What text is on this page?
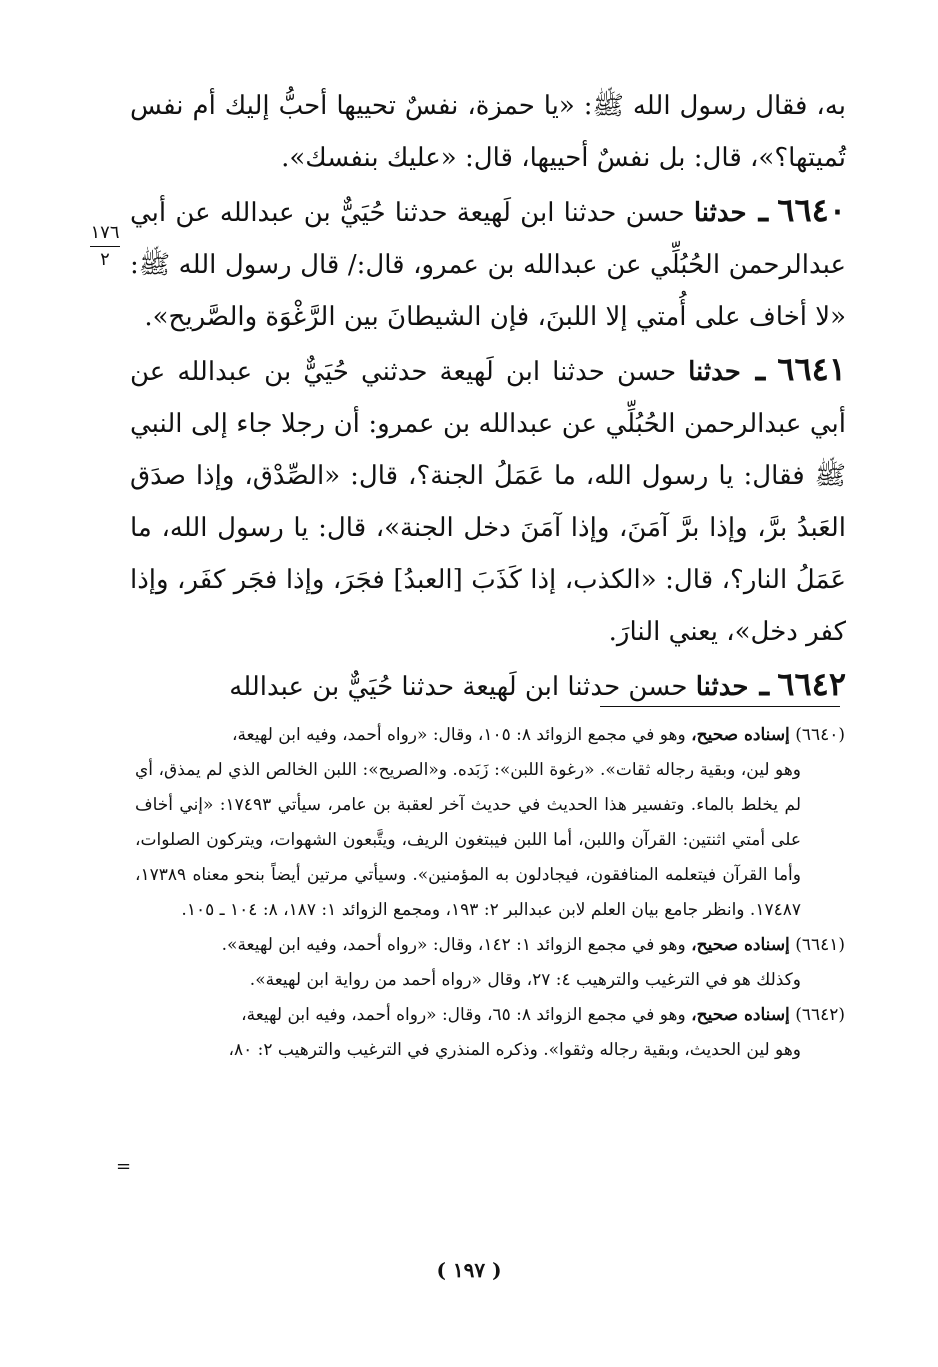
١٧٦
٢

به، فقال رسول الله ﷺ: «يا حمزة، نفسٌ تحييها أحبُّ إليك أم نفس تُميتها؟»، قال: بل نفسٌ أحييها، قال: «عليك بنفسك».

٦٦٤٠ ـ حدثنا حسن حدثنا ابن لَهيعة حدثنا حُيَيٌّ بن عبدالله عن أبي عبدالرحمن الحُبُلِّي عن عبدالله بن عمرو، قال:/ قال رسول الله ﷺ: «لا أخاف على أُمتي إلا اللبنَ، فإن الشيطانَ بين الرَّغْوَة والصَّريح».

٦٦٤١ ـ حدثنا حسن حدثنا ابن لَهيعة حدثني حُيَيٌّ بن عبدالله عن أبي عبدالرحمن الحُبُلِّي عن عبدالله بن عمرو: أن رجلا جاء إلى النبي ﷺ فقال: يا رسول الله، ما عَمَلُ الجنة؟، قال: «الصِّدْق، وإذا صدَق العَبدُ برَّ، وإذا برَّ آمَنَ، وإذا آمَنَ دخل الجنة»، قال: يا رسول الله، ما عَمَلُ النار؟، قال: «الكذب، إذا كَذَبَ [العبدُ] فجَرَ، وإذا فجَر كفَر، وإذا كفر دخل»، يعني النارَ.

٦٦٤٢ ـ حدثنا حسن حدثنا ابن لَهيعة حدثنا حُيَيٌّ بن عبدالله

(٦٦٤٠) إسناده صحيح، وهو في مجمع الزوائد ٨: ١٠٥، وقال: «رواه أحمد، وفيه ابن لهيعة،

وهو لين، وبقية رجاله ثقات». «رغوة اللبن»: زَبَده. و«الصريح»: اللبن الخالص الذي لم يمذق، أي لم يخلط بالماء. وتفسير هذا الحديث في حديث آخر لعقبة بن عامر، سيأتي ١٧٤٩٣: «إني أخاف على أمتي اثنتين: القرآن واللبن، أما اللبن فيبتغون الريف، ويتَّبعون الشهوات، ويتركون الصلوات، وأما القرآن فيتعلمه المنافقون، فيجادلون به المؤمنين». وسيأتي مرتين أيضاً بنحو معناه ١٧٣٨٩، ١٧٤٨٧. وانظر جامع بيان العلم لابن عبدالبر ٢: ١٩٣، ومجمع الزوائد ١: ١٨٧، ٨: ١٠٤ ـ ١٠٥.

(٦٦٤١) إسناده صحيح، وهو في مجمع الزوائد ١: ١٤٢، وقال: «رواه أحمد، وفيه ابن لهيعة».

وكذلك هو في الترغيب والترهيب ٤: ٢٧، وقال «رواه أحمد من رواية ابن لهيعة».

(٦٦٤٢) إسناده صحيح، وهو في مجمع الزوائد ٨: ٦٥، وقال: «رواه أحمد، وفيه ابن لهيعة،

وهو لين الحديث، وبقية رجاله وثقوا». وذكره المنذري في الترغيب والترهيب ٢: ٨٠،

=
( ١٩٧ )
